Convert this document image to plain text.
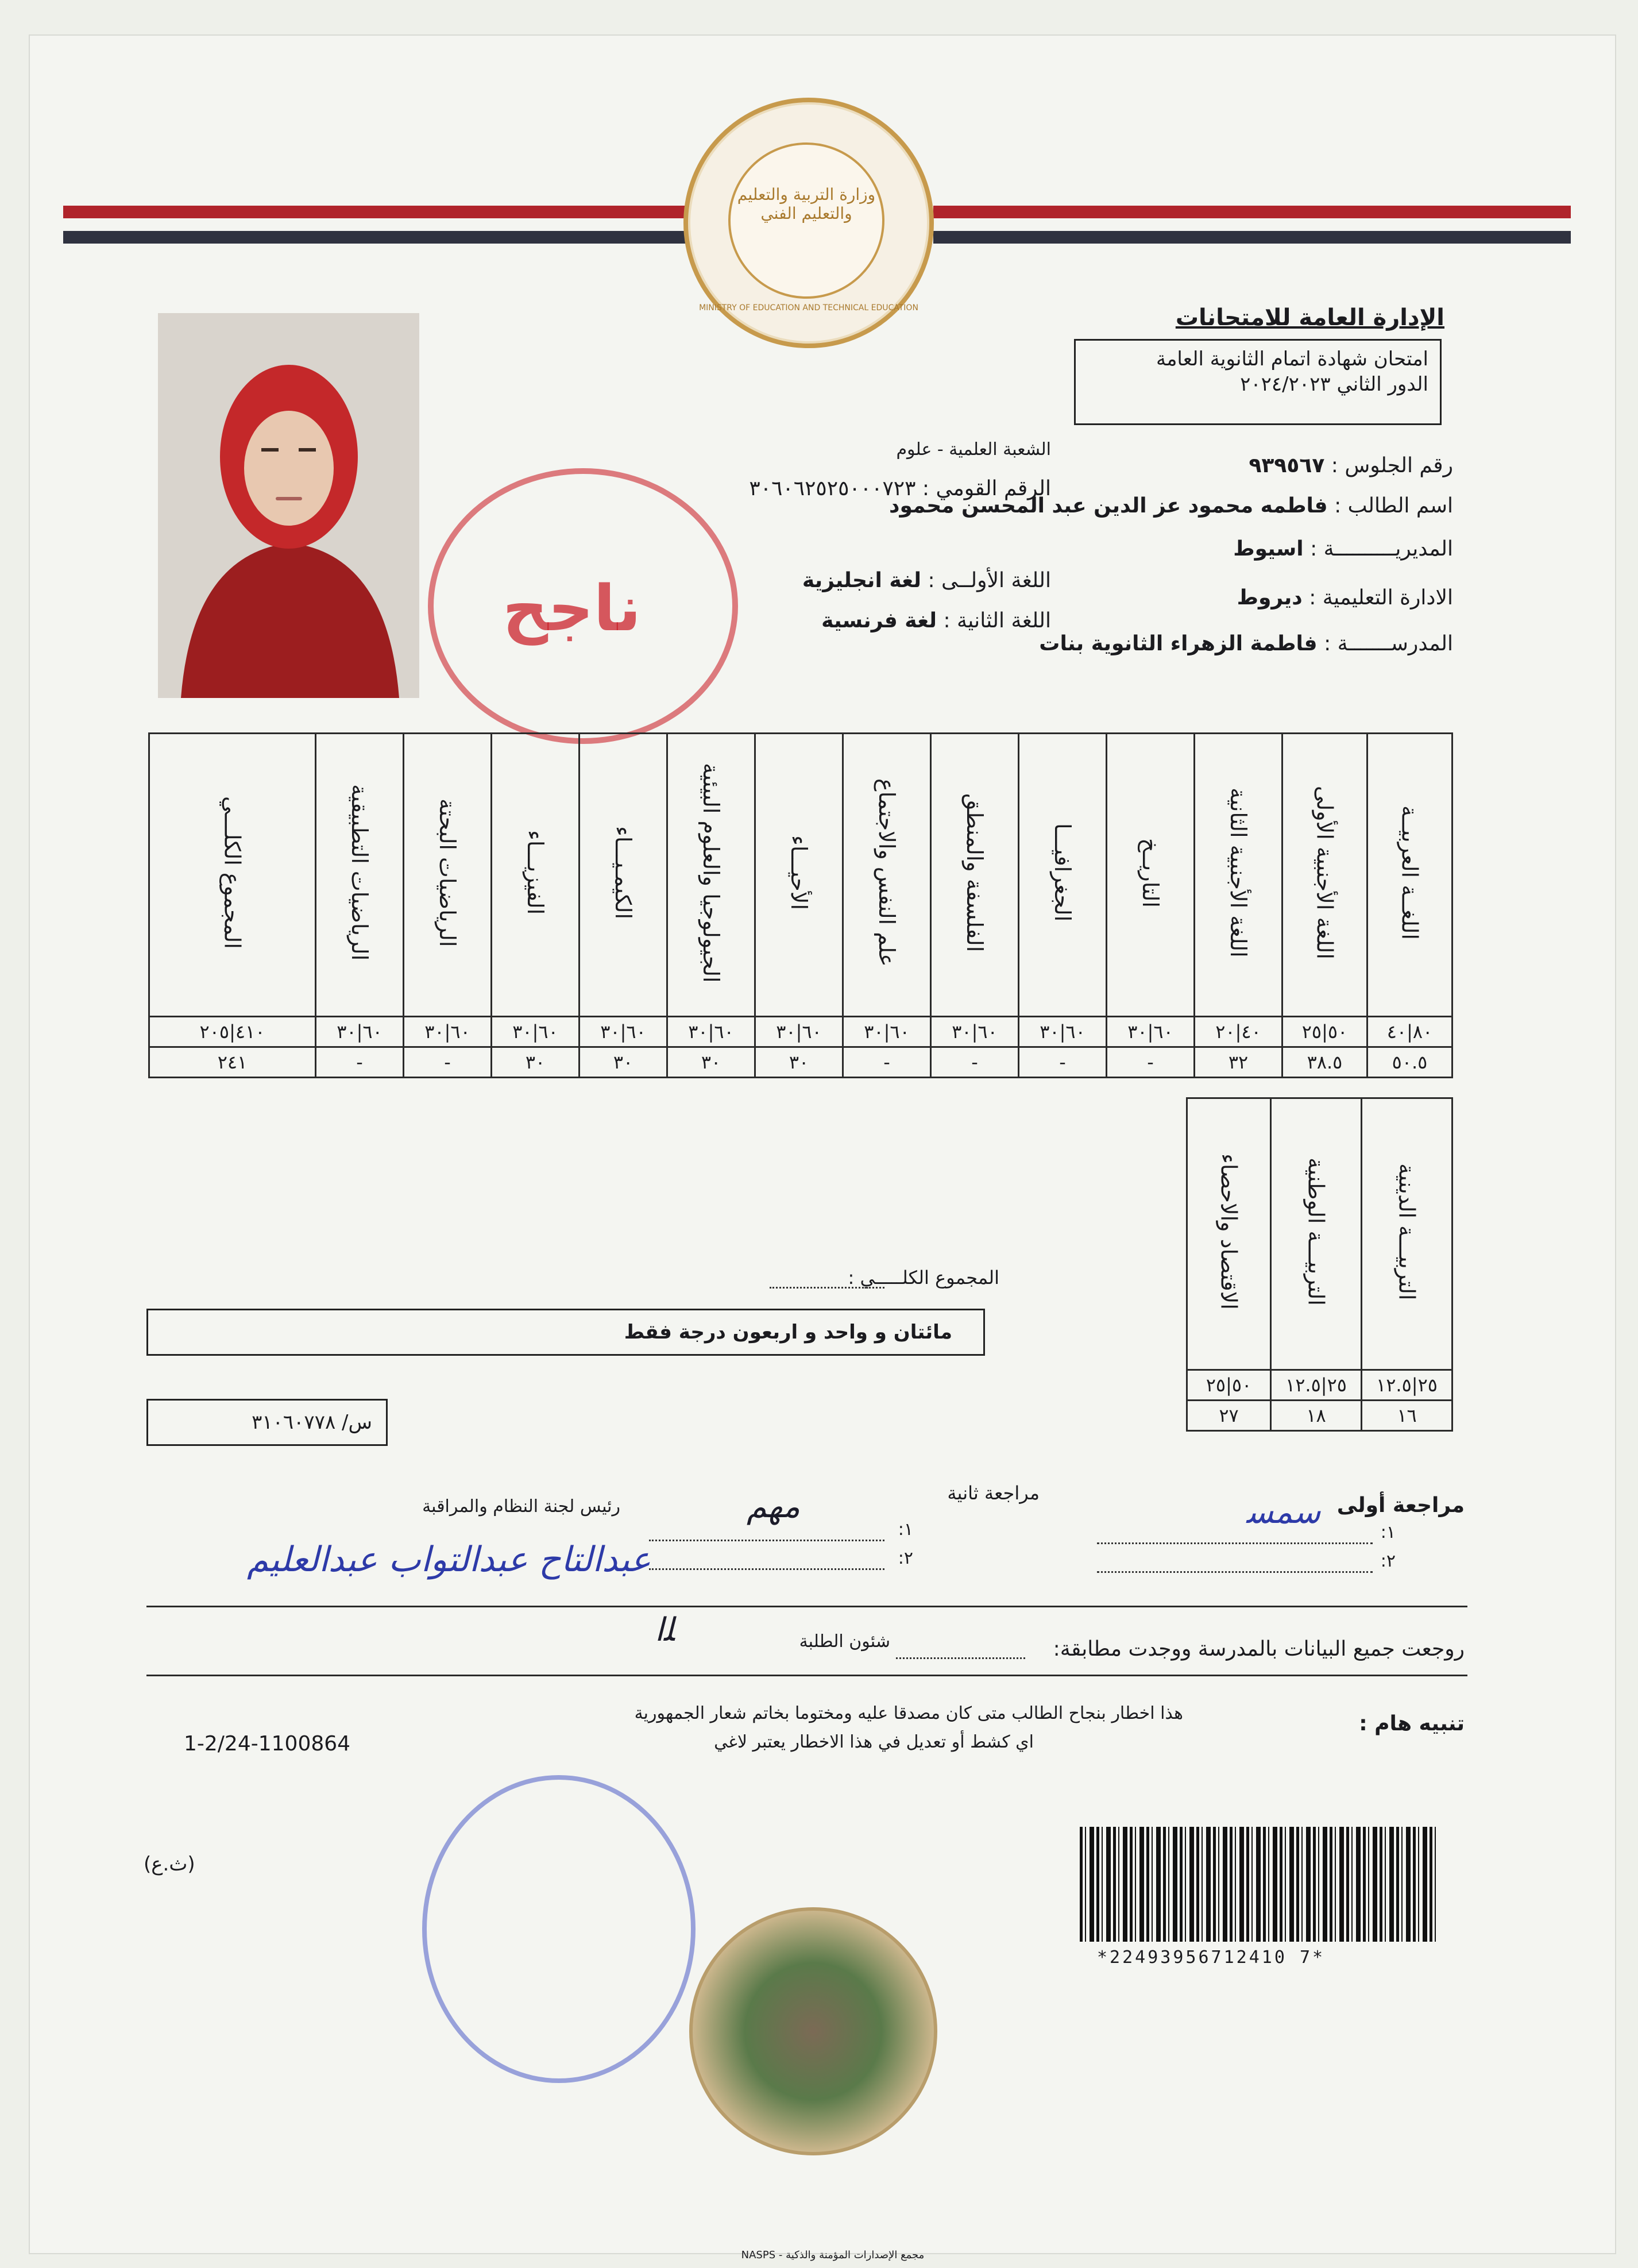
وزارة التربية والتعليم والتعليم الفني
MINISTRY OF EDUCATION AND TECHNICAL EDUCATION	الإدارة العامة للامتحانات
امتحان شهادة اتمام الثانوية العامة
الدور الثاني ٢٠٢٤/٢٠٢٣
ناجح
رقم الجلوس : ٩٣٩٥٦٧
اسم الطالب : فاطمه محمود عز الدين عبد المحسن محمود
المديريــــــــــة : اسيوط
الادارة التعليمية : ديروط
المدرســـــــة : فاطمة الزهراء الثانوية بنات
الشعبة العلمية - علوم
الرقم القومي : ٣٠٦٠٦٢٥٢٥٠٠٠٧٢٣
اللغة الأولــى : لغة انجليزية
اللغة الثانية : لغة فرنسية
اللغــة العربيــة	اللغة الأجنبية الأولى	اللغة الأجنبية الثانية	التاريــخ	الجغرافيـــا	الفلسفة والمنطق	علم النفس والاجتماع	الأحيـــاء	الجيولوجيا والعلوم البيئية	الكيمـيـــاء	الفيزيـــاء	الرياضيات البحتة	الرياضيات التطبيقية	المجموع الكلـــي
٨٠|٤٠	٥٠|٢٥	٤٠|٢٠	٦٠|٣٠	٦٠|٣٠	٦٠|٣٠	٦٠|٣٠	٦٠|٣٠	٦٠|٣٠	٦٠|٣٠	٦٠|٣٠	٦٠|٣٠	٦٠|٣٠	٤١٠|٢٠٥
٥٠.٥	٣٨.٥	٣٢	-	-	-	-	٣٠	٣٠	٣٠	٣٠	-	-	٢٤١
التربيـــة الدينية	التربيـــة الوطنية	الاقتصاد والاحصاء
٢٥|١٢.٥	٢٥|١٢.٥	٥٠|٢٥
١٦	١٨	٢٧
المجموع الكلـــــي :
مائتان و واحد و اربعون درجة فقط
س/ ٣١٠٦٠٧٧٨
مراجعة أولى
١:
٢:
مراجعة ثانية
١:
٢:
رئيس لجنة النظام والمراقبة	ﺳﻤﺴ
ﻣﻬﻢ
عبدالتاح عبدالتواب عبدالعليم
روجعت جميع البيانات بالمدرسة ووجدت مطابقة:
شئون الطلبة
ﻠا
تنبيه هام :
هذا اخطار بنجاح الطالب متى كان مصدقا عليه ومختوما بخاتم شعار الجمهورية
اي كشط أو تعديل في هذا الاخطار يعتبر لاغي
1-2/24-1100864
(ث.ع)
*22493956712410 7*
مجمع الإصدارات المؤمنة والذكية - NASPS
